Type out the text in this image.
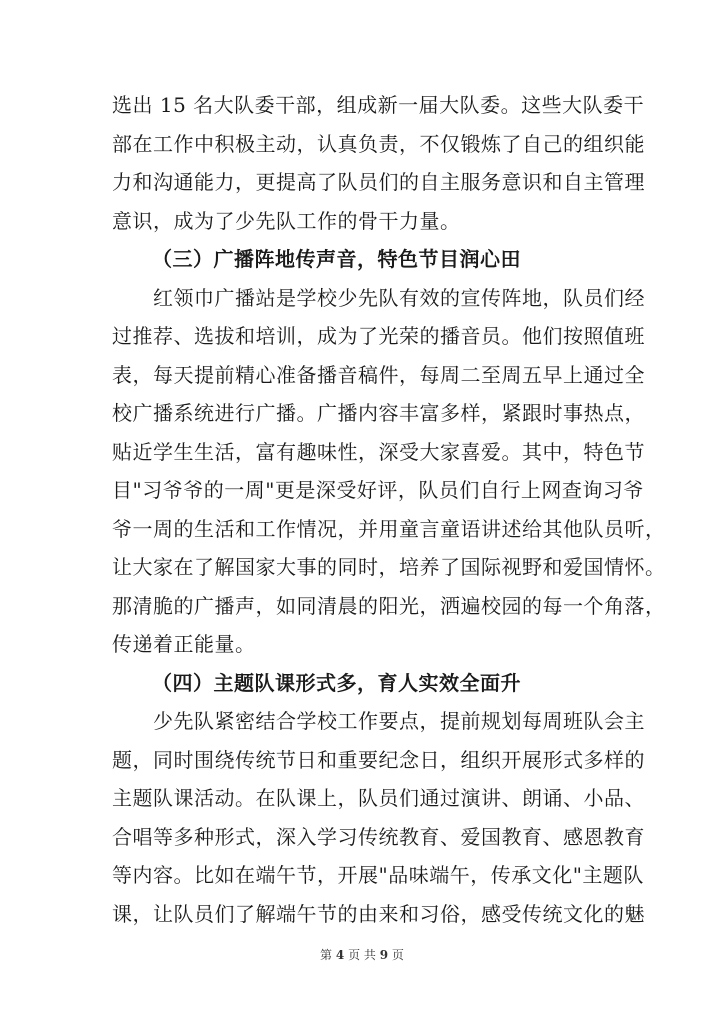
选出 15 名大队委干部，组成新一届大队委。这些大队委干
部在工作中积极主动，认真负责，不仅锻炼了自己的组织能
力和沟通能力，更提高了队员们的自主服务意识和自主管理
意识，成为了少先队工作的骨干力量。
（三）广播阵地传声音，特色节目润心田
　　红领巾广播站是学校少先队有效的宣传阵地，队员们经
过推荐、选拔和培训，成为了光荣的播音员。他们按照值班
表，每天提前精心准备播音稿件，每周二至周五早上通过全
校广播系统进行广播。广播内容丰富多样，紧跟时事热点，
贴近学生生活，富有趣味性，深受大家喜爱。其中，特色节
目"习爷爷的一周"更是深受好评，队员们自行上网查询习爷
爷一周的生活和工作情况，并用童言童语讲述给其他队员听，
让大家在了解国家大事的同时，培养了国际视野和爱国情怀。
那清脆的广播声，如同清晨的阳光，洒遍校园的每一个角落，
传递着正能量。
（四）主题队课形式多，育人实效全面升
　　少先队紧密结合学校工作要点，提前规划每周班队会主
题，同时围绕传统节日和重要纪念日，组织开展形式多样的
主题队课活动。在队课上，队员们通过演讲、朗诵、小品、
合唱等多种形式，深入学习传统教育、爱国教育、感恩教育
等内容。比如在端午节，开展"品味端午，传承文化"主题队
课，让队员们了解端午节的由来和习俗，感受传统文化的魅
第 4 页 共 9 页
